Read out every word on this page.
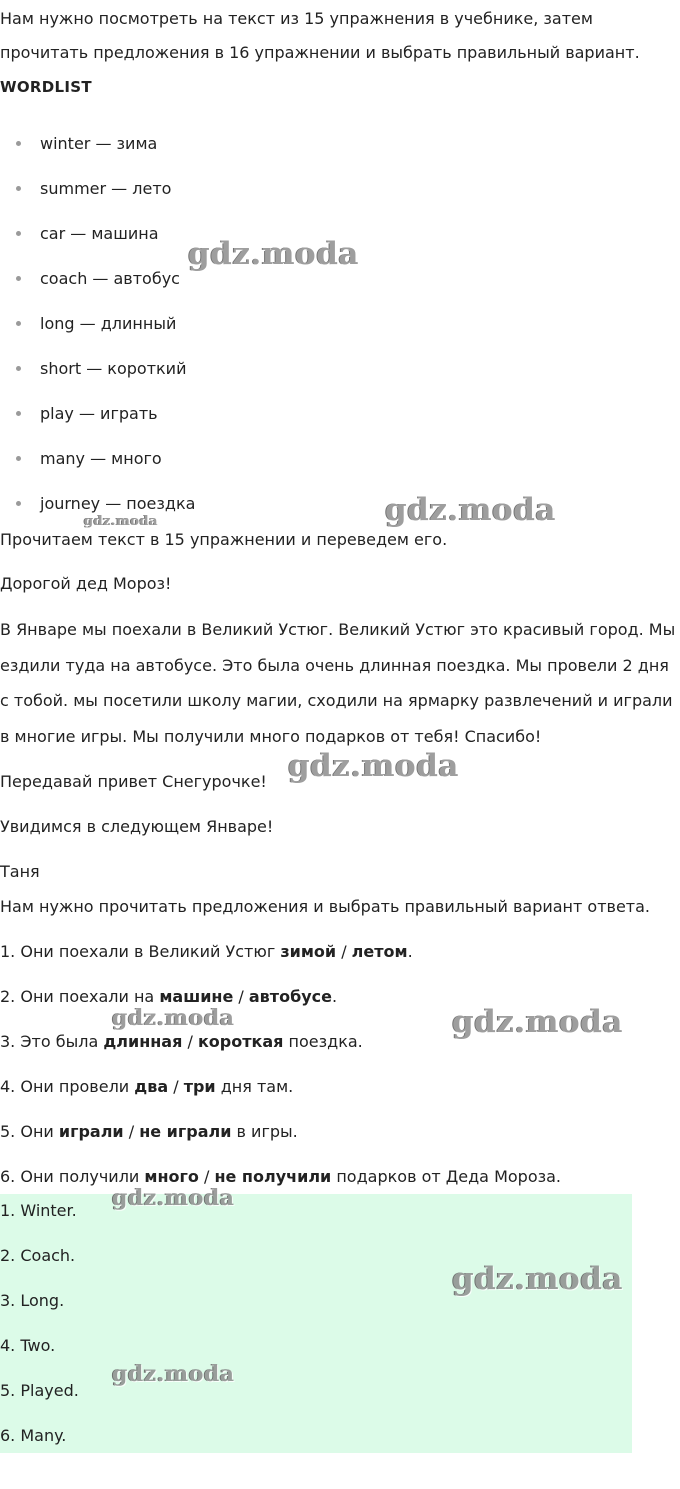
Нам нужно посмотреть на текст из 15 упражнения в учебнике, затем прочитать предложения в 16 упражнении и выбрать правильный вариант.
WORDLIST
winter — зима
summer — лето
car — машина
coach — автобус
long — длинный
short — короткий
play — играть
many — много
journey — поездка
Прочитаем текст в 15 упражнении и переведем его.
Дорогой дед Мороз!
В Январе мы поехали в Великий Устюг. Великий Устюг это красивый город. Мы ездили туда на автобусе. Это была очень длинная поездка. Мы провели 2 дня с тобой. мы посетили школу магии, сходили на ярмарку развлечений и играли в многие игры. Мы получили много подарков от тебя! Спасибо!
Передавай привет Снегурочке!
Увидимся в следующем Январе!
Таня
Нам нужно прочитать предложения и выбрать правильный вариант ответа.
1. Они поехали в Великий Устюг зимой / летом.
2. Они поехали на машине / автобусе.
3. Это была длинная / короткая поездка.
4. Они провели два / три дня там.
5. Они играли / не играли в игры.
6. Они получили много / не получили подарков от Деда Мороза.
1. Winter.
2. Coach.
3. Long.
4. Two.
5. Played.
6. Many.
gdz.moda
gdz.moda
gdz.moda
gdz.moda
gdz.moda	gdz.moda
gdz.moda
gdz.moda
gdz.moda
